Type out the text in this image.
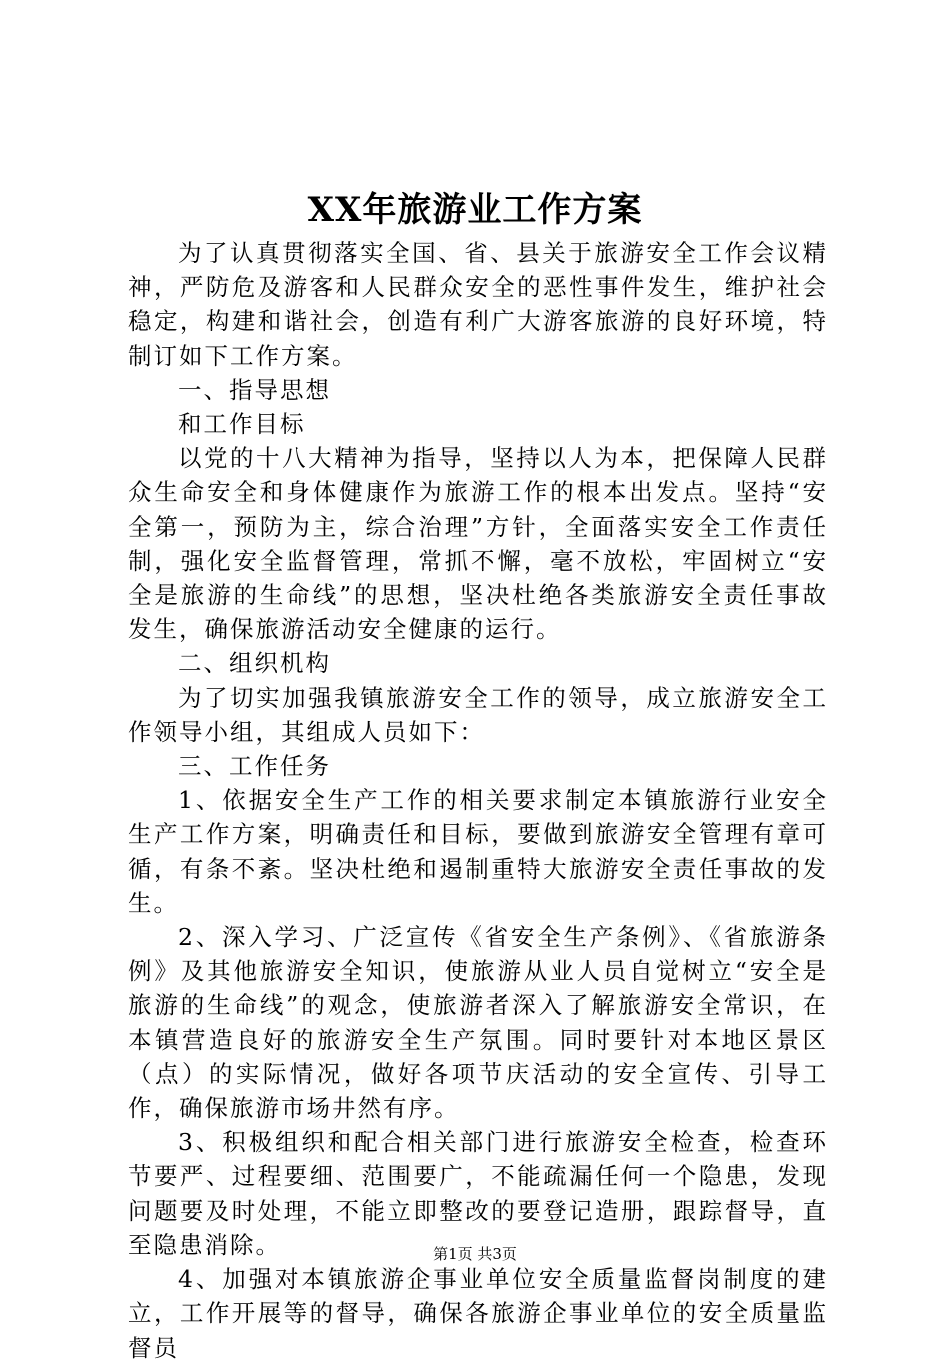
XX年旅游业工作方案

为了认真贯彻落实全国、省、县关于旅游安全工作会议精神，严防危及游客和人民群众安全的恶性事件发生，维护社会稳定，构建和谐社会，创造有利广大游客旅游的良好环境，特制订如下工作方案。

一、指导思想

和工作目标

以党的十八大精神为指导，坚持以人为本，把保障人民群众生命安全和身体健康作为旅游工作的根本出发点。坚持“安全第一，预防为主，综合治理”方针，全面落实安全工作责任制，强化安全监督管理，常抓不懈，毫不放松，牢固树立“安全是旅游的生命线”的思想，坚决杜绝各类旅游安全责任事故发生，确保旅游活动安全健康的运行。

二、组织机构

为了切实加强我镇旅游安全工作的领导，成立旅游安全工作领导小组，其组成人员如下：

三、工作任务

1、依据安全生产工作的相关要求制定本镇旅游行业安全生产工作方案，明确责任和目标，要做到旅游安全管理有章可循，有条不紊。坚决杜绝和遏制重特大旅游安全责任事故的发生。

2、深入学习、广泛宣传《省安全生产条例》、《省旅游条例》及其他旅游安全知识，使旅游从业人员自觉树立“安全是旅游的生命线”的观念，使旅游者深入了解旅游安全常识，在本镇营造良好的旅游安全生产氛围。同时要针对本地区景区（点）的实际情况，做好各项节庆活动的安全宣传、引导工作，确保旅游市场井然有序。

3、积极组织和配合相关部门进行旅游安全检查，检查环节要严、过程要细、范围要广，不能疏漏任何一个隐患，发现问题要及时处理，不能立即整改的要登记造册，跟踪督导，直至隐患消除。

4、加强对本镇旅游企事业单位安全质量监督岗制度的建立，工作开展等的督导，确保各旅游企事业单位的安全质量监督员

第1页 共3页
